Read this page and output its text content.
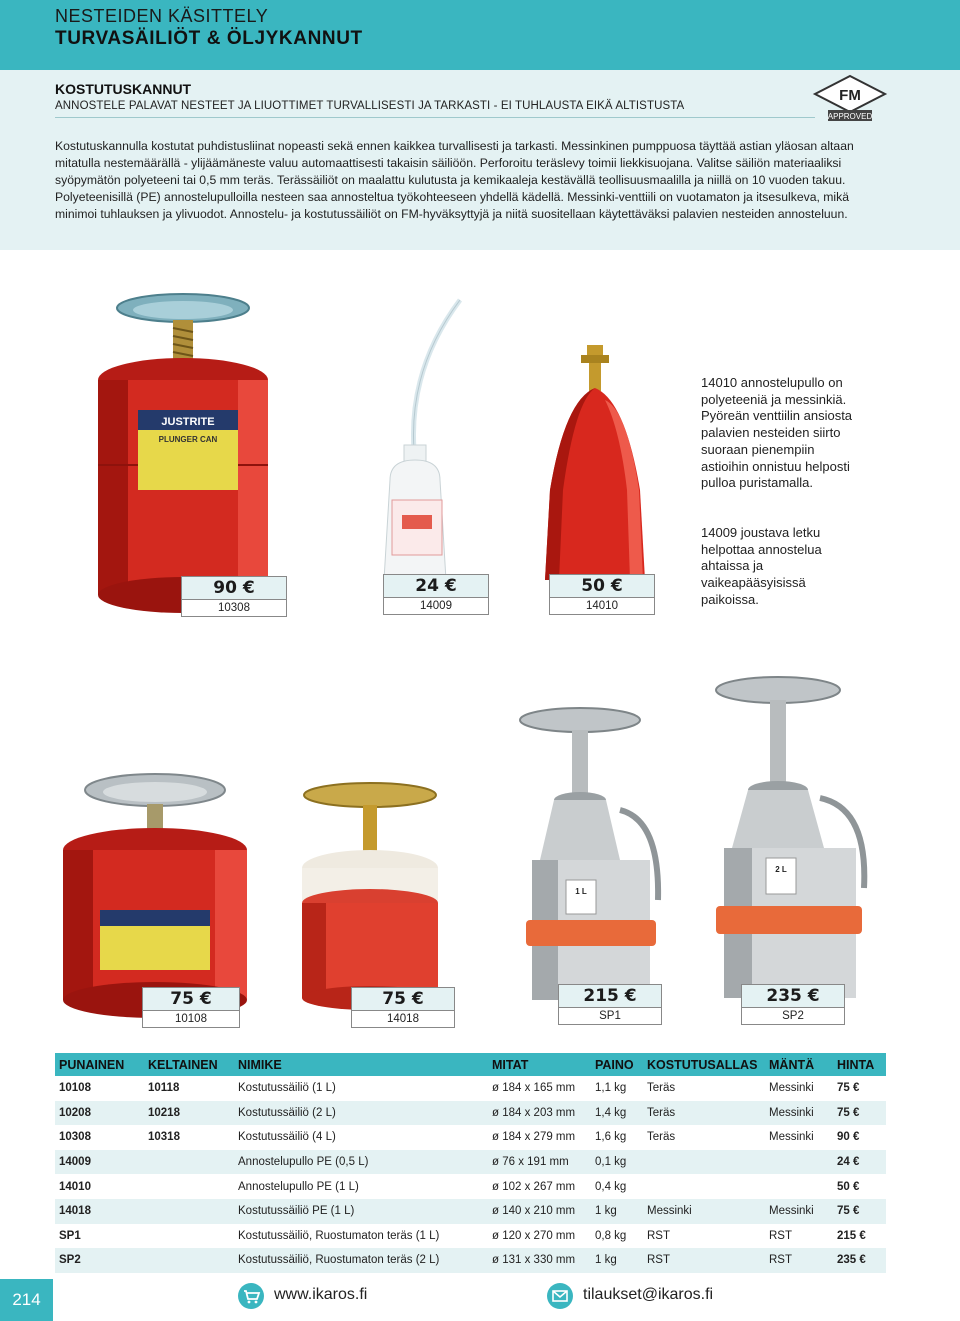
NESTEIDEN KÄSITTELY
TURVASÄILIÖT & ÖLJYKANNUT
KOSTUTUSKANNUT
ANNOSTELE PALAVAT NESTEET JA LIUOTTIMET TURVALLISESTI JA TARKASTI - EI TUHLAUSTA EIKÄ ALTISTUSTA
FM
APPROVED

Kostutuskannulla kostutat puhdistusliinat nopeasti sekä ennen kaikkea turvallisesti ja tarkasti. Messinkinen pumppuosa täyttää astian yläosan altaan mitatulla nestemäärällä - ylijäämäneste valuu automaattisesti takaisin säiliöön. Perforoitu teräslevy toimii liekkisuojana. Valitse säiliön materiaaliksi syöpymätön polyeteeni tai 0,5 mm teräs. Terässäiliöt on maalattu kulutusta ja kemikaaleja kestävällä teollisuusmaalilla ja niillä on 10 vuoden takuu.

Polyeteenisillä (PE) annostelupulloilla nesteen saa annosteltua työkohteeseen yhdellä kädellä. Messinki-venttiili on vuotamaton ja itsesulkeva, mikä minimoi tuhlauksen ja ylivuodot. Annostelu- ja kostutussäiliöt on FM-hyväksyttyjä ja niitä suositellaan käytettäväksi palavien nesteiden annosteluun.

JUSTRITE
PLUNGER CAN
90 €
10308
24 €
14009
50 €
14010
14010 annostelupullo on polyeteeniä ja messinkiä. Pyöreän venttiilin ansiosta palavien nesteiden siirto suoraan pienempiin astioihin onnistuu helposti pulloa puristamalla.
14009 joustava letku helpottaa annostelua ahtaissa ja vaikeapääsyisissä paikoissa.
75 €
10108
75 €
14018
1 L
215 €
SP1
2 L
235 €
SP2
PUNAINEN	KELTAINEN	NIMIKE	MITAT	PAINO	KOSTUTUSALLAS	MÄNTÄ	HINTA
10108	10118	Kostutussäiliö (1 L)	ø 184 x 165 mm	1,1 kg	Teräs	Messinki	75 €
10208	10218	Kostutussäiliö (2 L)	ø 184 x 203 mm	1,4 kg	Teräs	Messinki	75 €
10308	10318	Kostutussäiliö (4 L)	ø 184 x 279 mm	1,6 kg	Teräs	Messinki	90 €
14009		Annostelupullo PE (0,5 L)	ø 76 x 191 mm	0,1 kg			24 €
14010		Annostelupullo PE (1 L)	ø 102 x 267 mm	0,4 kg			50 €
14018		Kostutussäiliö PE (1 L)	ø 140 x 210 mm	1 kg	Messinki	Messinki	75 €
SP1		Kostutussäiliö, Ruostumaton teräs (1 L)	ø 120 x 270 mm	0,8 kg	RST	RST	215 €
SP2		Kostutussäiliö, Ruostumaton teräs (2 L)	ø 131 x 330 mm	1 kg	RST	RST	235 €
214	www.ikaros.fi	tilaukset@ikaros.fi
